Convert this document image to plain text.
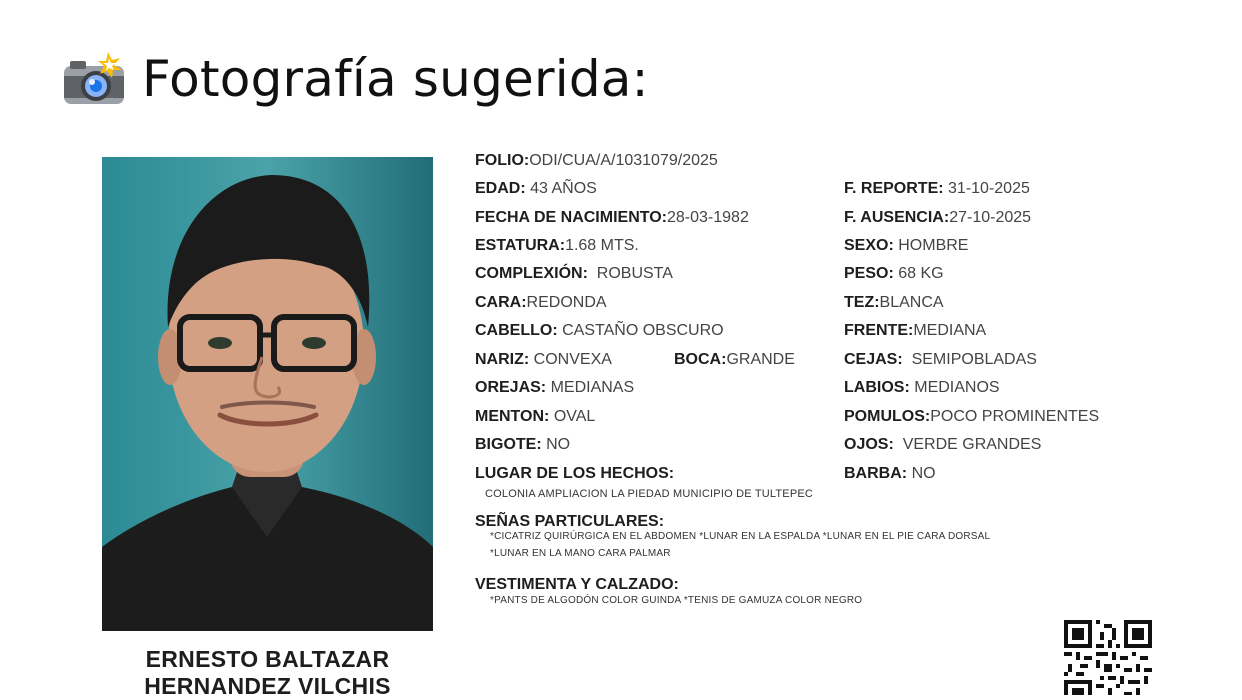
Fotografía sugerida:
ERNESTO BALTAZAR
HERNANDEZ VILCHIS
FOLIO:ODI/CUA/A/1031079/2025
EDAD: 43 AÑOS	F. REPORTE: 31-10-2025
FECHA DE NACIMIENTO:28-03-1982	F. AUSENCIA:27-10-2025
ESTATURA:1.68 MTS.	SEXO: HOMBRE
COMPLEXIÓN: ROBUSTA	PESO: 68 KG
CARA:REDONDA	TEZ:BLANCA
CABELLO: CASTAÑO OBSCURO	FRENTE:MEDIANA
NARIZ: CONVEXA	BOCA:GRANDE	CEJAS: SEMIPOBLADAS
OREJAS: MEDIANAS	LABIOS: MEDIANOS
MENTON: OVAL	POMULOS:POCO PROMINENTES
BIGOTE: NO	OJOS: VERDE GRANDES
LUGAR DE LOS HECHOS:	BARBA: NO
COLONIA AMPLIACION LA PIEDAD MUNICIPIO DE TULTEPEC
SEÑAS PARTICULARES:
*CICATRIZ QUIRÚRGICA EN EL ABDOMEN *LUNAR EN LA ESPALDA *LUNAR EN EL PIE CARA DORSAL
*LUNAR EN LA MANO CARA PALMAR
VESTIMENTA Y CALZADO:
*PANTS DE ALGODÓN COLOR GUINDA *TENIS DE GAMUZA COLOR NEGRO
